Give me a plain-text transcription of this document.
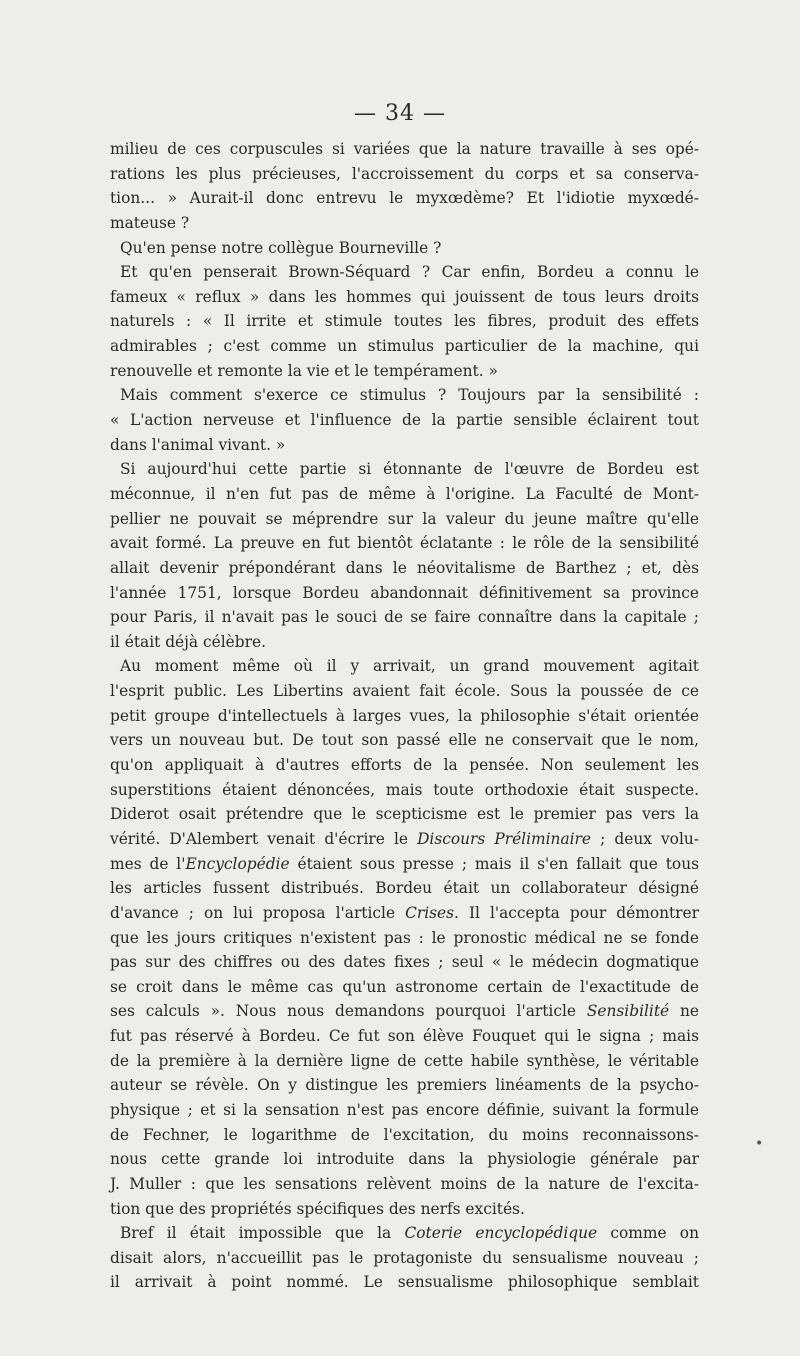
— 34 —
milieu de ces corpuscules si variées que la nature travaille à ses opé-
rations les plus précieuses, l'accroissement du corps et sa conserva-
tion... » Aurait-il donc entrevu le myxœdème? Et l'idiotie myxœdé-
mateuse ?
Qu'en pense notre collègue Bourneville ?
Et qu'en penserait Brown-Séquard ? Car enfin, Bordeu a connu le
fameux « reflux » dans les hommes qui jouissent de tous leurs droits
naturels : « Il irrite et stimule toutes les fibres, produit des effets
admirables ; c'est comme un stimulus particulier de la machine, qui
renouvelle et remonte la vie et le tempérament. »
Mais comment s'exerce ce stimulus ? Toujours par la sensibilité :
« L'action nerveuse et l'influence de la partie sensible éclairent tout
dans l'animal vivant. »
Si aujourd'hui cette partie si étonnante de l'œuvre de Bordeu est
méconnue, il n'en fut pas de même à l'origine. La Faculté de Mont-
pellier ne pouvait se méprendre sur la valeur du jeune maître qu'elle
avait formé. La preuve en fut bientôt éclatante : le rôle de la sensibilité
allait devenir prépondérant dans le néovitalisme de Barthez ; et, dès
l'année 1751, lorsque Bordeu abandonnait définitivement sa province
pour Paris, il n'avait pas le souci de se faire connaître dans la capitale ;
il était déjà célèbre.
Au moment même où il y arrivait, un grand mouvement agitait
l'esprit public. Les Libertins avaient fait école. Sous la poussée de ce
petit groupe d'intellectuels à larges vues, la philosophie s'était orientée
vers un nouveau but. De tout son passé elle ne conservait que le nom,
qu'on appliquait à d'autres efforts de la pensée. Non seulement les
superstitions étaient dénoncées, mais toute orthodoxie était suspecte.
Diderot osait prétendre que le scepticisme est le premier pas vers la
vérité. D'Alembert venait d'écrire le Discours Préliminaire ; deux volu-
mes de l'Encyclopédie étaient sous presse ; mais il s'en fallait que tous
les articles fussent distribués. Bordeu était un collaborateur désigné
d'avance ; on lui proposa l'article Crises. Il l'accepta pour démontrer
que les jours critiques n'existent pas : le pronostic médical ne se fonde
pas sur des chiffres ou des dates fixes ; seul « le médecin dogmatique
se croit dans le même cas qu'un astronome certain de l'exactitude de
ses calculs ». Nous nous demandons pourquoi l'article Sensibilité ne
fut pas réservé à Bordeu. Ce fut son élève Fouquet qui le signa ; mais
de la première à la dernière ligne de cette habile synthèse, le véritable
auteur se révèle. On y distingue les premiers linéaments de la psycho-
physique ; et si la sensation n'est pas encore définie, suivant la formule
de Fechner, le logarithme de l'excitation, du moins reconnaissons-
nous cette grande loi introduite dans la physiologie générale par
J. Muller : que les sensations relèvent moins de la nature de l'excita-
tion que des propriétés spécifiques des nerfs excités.
Bref il était impossible que la Coterie encyclopédique comme on
disait alors, n'accueillit pas le protagoniste du sensualisme nouveau ;
il arrivait à point nommé. Le sensualisme philosophique semblait
•
